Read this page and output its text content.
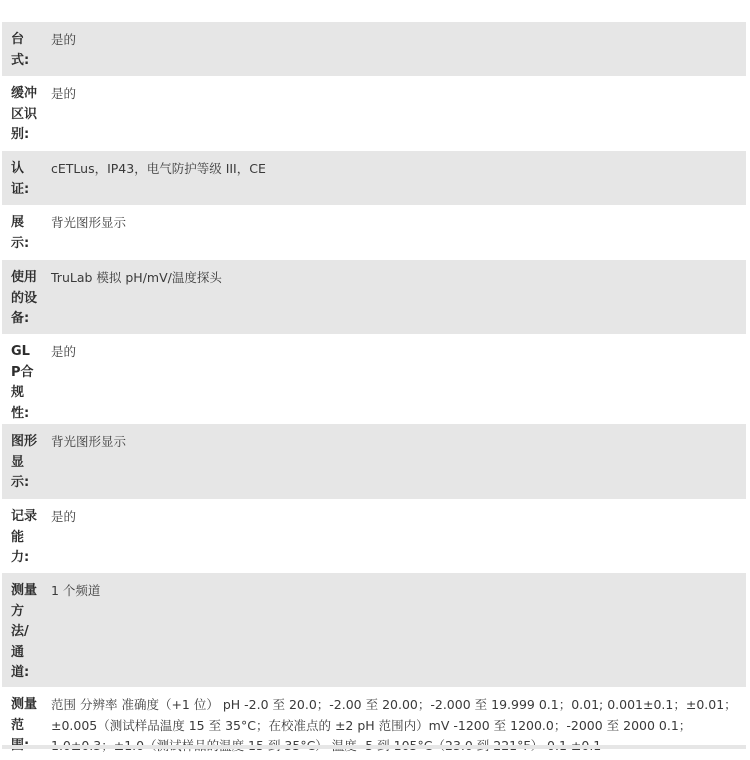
台式:	是的

缓冲区识别:	是的

认证:	cETLus，IP43，电气防护等级 III，CE

展示:	背光图形显示

使用的设备:	TruLab 模拟 pH/mV/温度探头

GLP合规性:	是的

图形显示:	背光图形显示

记录能力:	是的

测量方法/通道:	1 个频道

测量范	范围 分辨率 准确度（+1 位） pH -2.0 至 20.0；-2.00 至 20.00；-2.000 至 19.999 0.1；0.01; 0.001±0.1；±0.01；±0.005（测试样品温度 15 至 35°C；在校准点的 ±2 pH 范围内）mV -1200 至 1200.0；-2000 至 2000 0.1；
